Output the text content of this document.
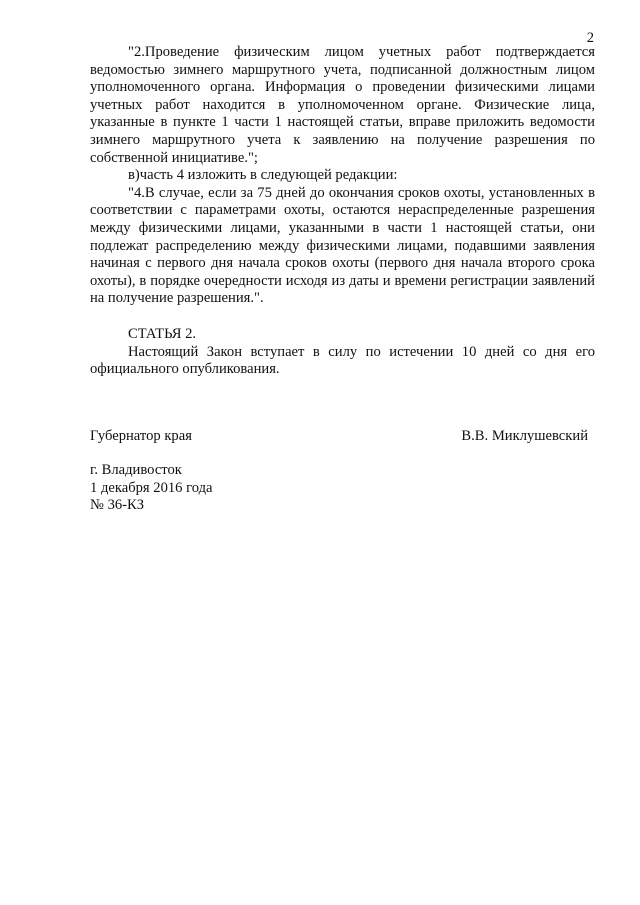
2

"2.Проведение физическим лицом учетных работ подтверждается ведомостью зимнего маршрутного учета, подписанной должностным лицом уполномоченного органа. Информация о проведении физическими лицами учетных работ находится в уполномоченном органе. Физические лица, указанные в пункте 1 части 1 настоящей статьи, вправе приложить ведомости зимнего маршрутного учета к заявлению на получение разрешения по собственной инициативе.";

в)часть 4 изложить в следующей редакции:

"4.В случае, если за 75 дней до окончания сроков охоты, установленных в соответствии с параметрами охоты, остаются нераспределенные разрешения между физическими лицами, указанными в части 1 настоящей статьи, они подлежат распределению между физическими лицами, подавшими заявления начиная с первого дня начала сроков охоты (первого дня начала второго срока охоты), в порядке очередности исходя из даты и времени регистрации заявлений на получение разрешения.".

СТАТЬЯ 2.

Настоящий Закон вступает в силу по истечении 10 дней со дня его официального опубликования.

Губернатор края	В.В. Миклушевский
г. Владивосток
1 декабря 2016 года
№ 36-КЗ
